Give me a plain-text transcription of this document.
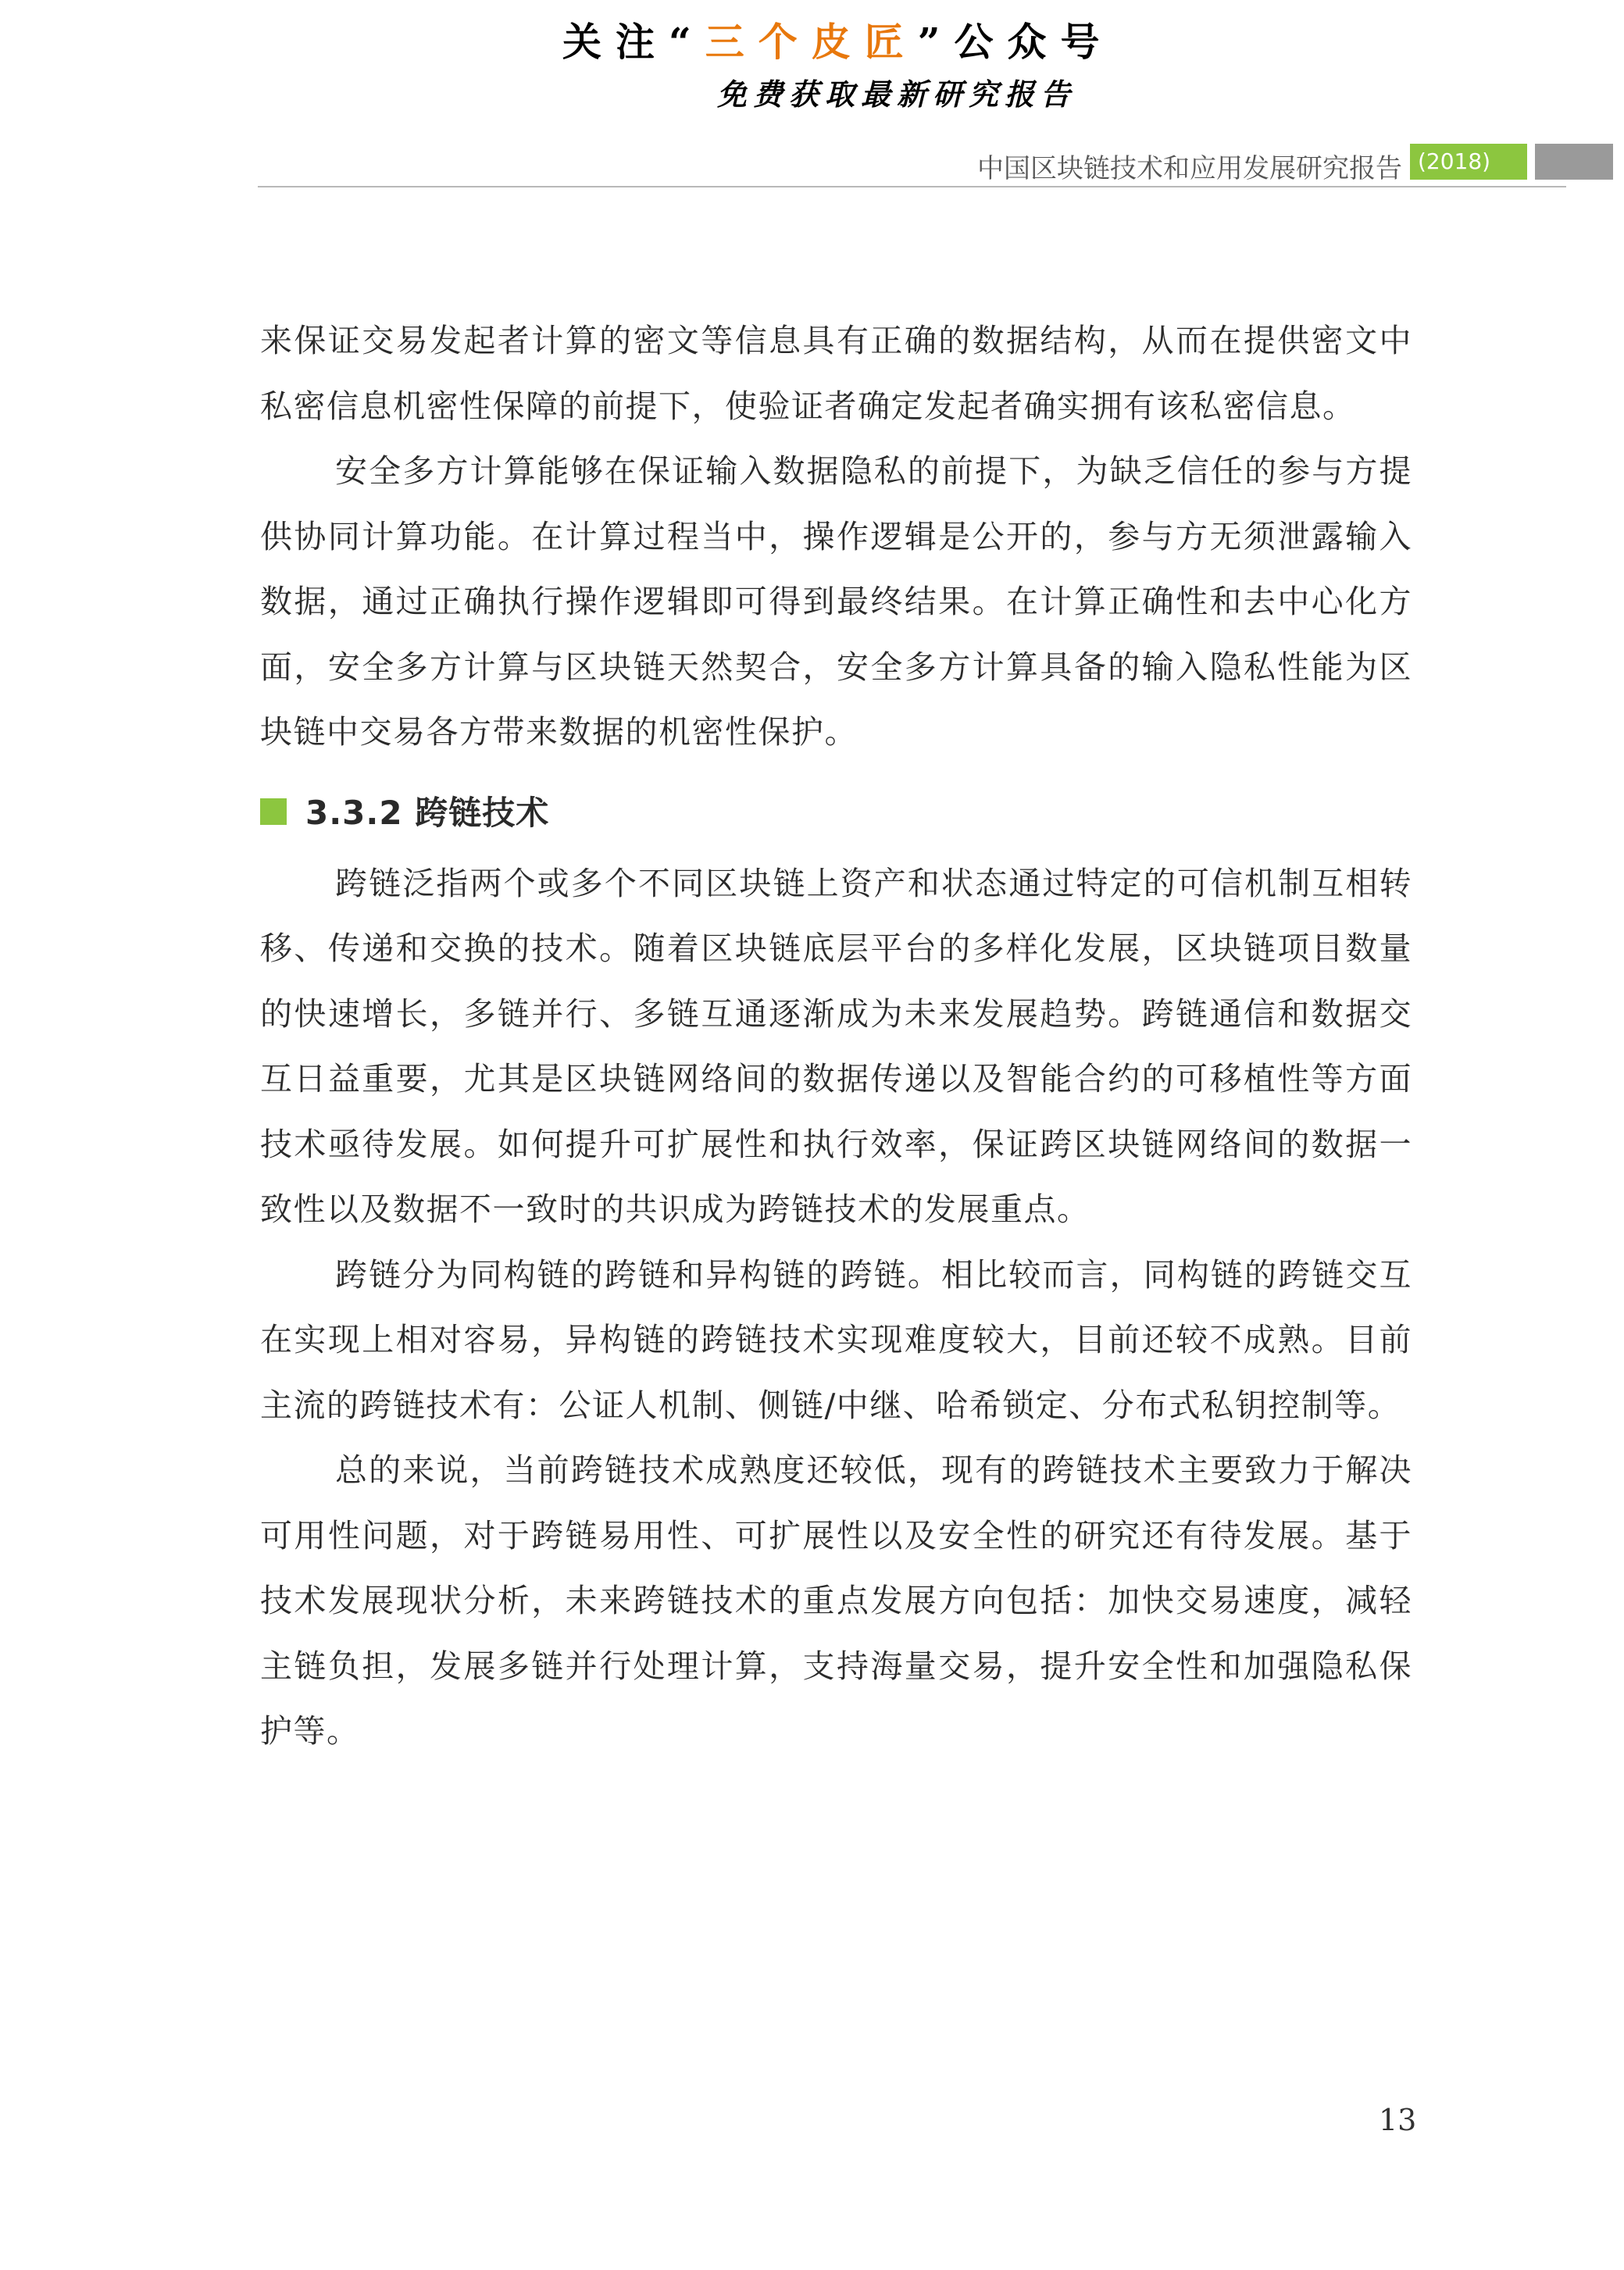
关注“三个皮匠”公众号
免费获取最新研究报告
中国区块链技术和应用发展研究报告 (2018)

来保证交易发起者计算的密文等信息具有正确的数据结构，从而在提供密文中私密信息机密性保障的前提下，使验证者确定发起者确实拥有该私密信息。

安全多方计算能够在保证输入数据隐私的前提下，为缺乏信任的参与方提供协同计算功能。在计算过程当中，操作逻辑是公开的，参与方无须泄露输入数据，通过正确执行操作逻辑即可得到最终结果。在计算正确性和去中心化方面，安全多方计算与区块链天然契合，安全多方计算具备的输入隐私性能为区块链中交易各方带来数据的机密性保护。

3.3.2 跨链技术

跨链泛指两个或多个不同区块链上资产和状态通过特定的可信机制互相转移、传递和交换的技术。随着区块链底层平台的多样化发展，区块链项目数量的快速增长，多链并行、多链互通逐渐成为未来发展趋势。跨链通信和数据交互日益重要，尤其是区块链网络间的数据传递以及智能合约的可移植性等方面技术亟待发展。如何提升可扩展性和执行效率，保证跨区块链网络间的数据一致性以及数据不一致时的共识成为跨链技术的发展重点。

跨链分为同构链的跨链和异构链的跨链。相比较而言，同构链的跨链交互在实现上相对容易，异构链的跨链技术实现难度较大，目前还较不成熟。目前主流的跨链技术有：公证人机制、侧链/中继、哈希锁定、分布式私钥控制等。

总的来说，当前跨链技术成熟度还较低，现有的跨链技术主要致力于解决可用性问题，对于跨链易用性、可扩展性以及安全性的研究还有待发展。基于技术发展现状分析，未来跨链技术的重点发展方向包括：加快交易速度，减轻主链负担，发展多链并行处理计算，支持海量交易，提升安全性和加强隐私保护等。

13
